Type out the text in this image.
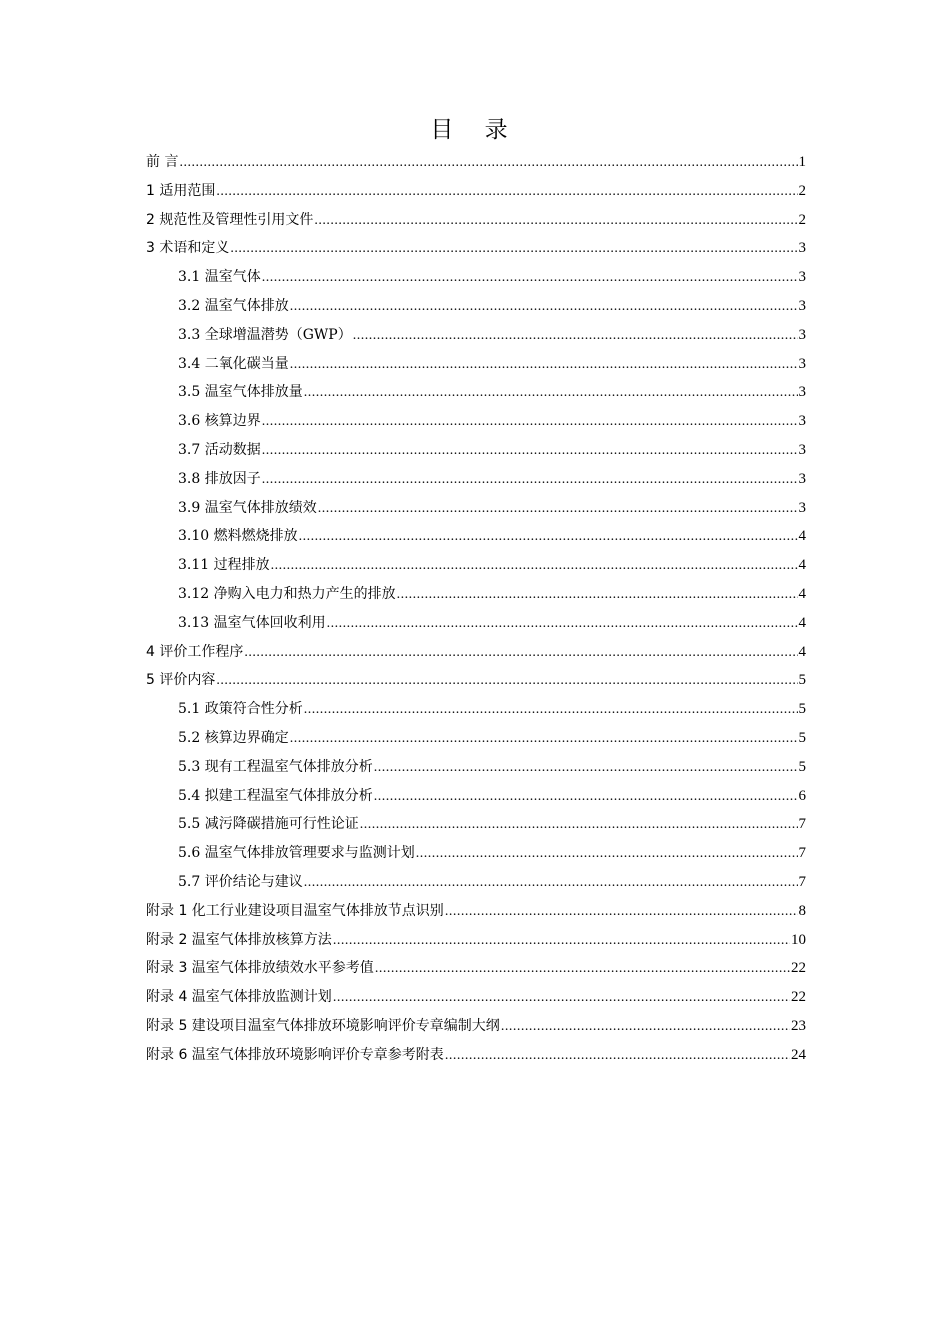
目 录
前 言 .....	1
1 适用范围 .....	2
2 规范性及管理性引用文件 .....	2
3 术语和定义 .....	3
3.1 温室气体 .....	3
3.2 温室气体排放 .....	3
3.3 全球增温潜势（GWP） .....	3
3.4 二氧化碳当量 .....	3
3.5 温室气体排放量 .....	3
3.6 核算边界 .....	3
3.7 活动数据 .....	3
3.8 排放因子 .....	3
3.9 温室气体排放绩效 .....	3
3.10 燃料燃烧排放 .....	4
3.11 过程排放 .....	4
3.12 净购入电力和热力产生的排放 .....	4
3.13 温室气体回收利用 .....	4
4 评价工作程序 .....	4
5 评价内容 .....	5
5.1 政策符合性分析 .....	5
5.2 核算边界确定 .....	5
5.3 现有工程温室气体排放分析 .....	5
5.4 拟建工程温室气体排放分析 .....	6
5.5 减污降碳措施可行性论证 .....	7
5.6 温室气体排放管理要求与监测计划 .....	7
5.7 评价结论与建议 .....	7
附录 1 化工行业建设项目温室气体排放节点识别 .....	8
附录 2 温室气体排放核算方法 .....	10
附录 3 温室气体排放绩效水平参考值 .....	22
附录 4 温室气体排放监测计划 .....	22
附录 5 建设项目温室气体排放环境影响评价专章编制大纲 .....	23
附录 6 温室气体排放环境影响评价专章参考附表 .....	24
